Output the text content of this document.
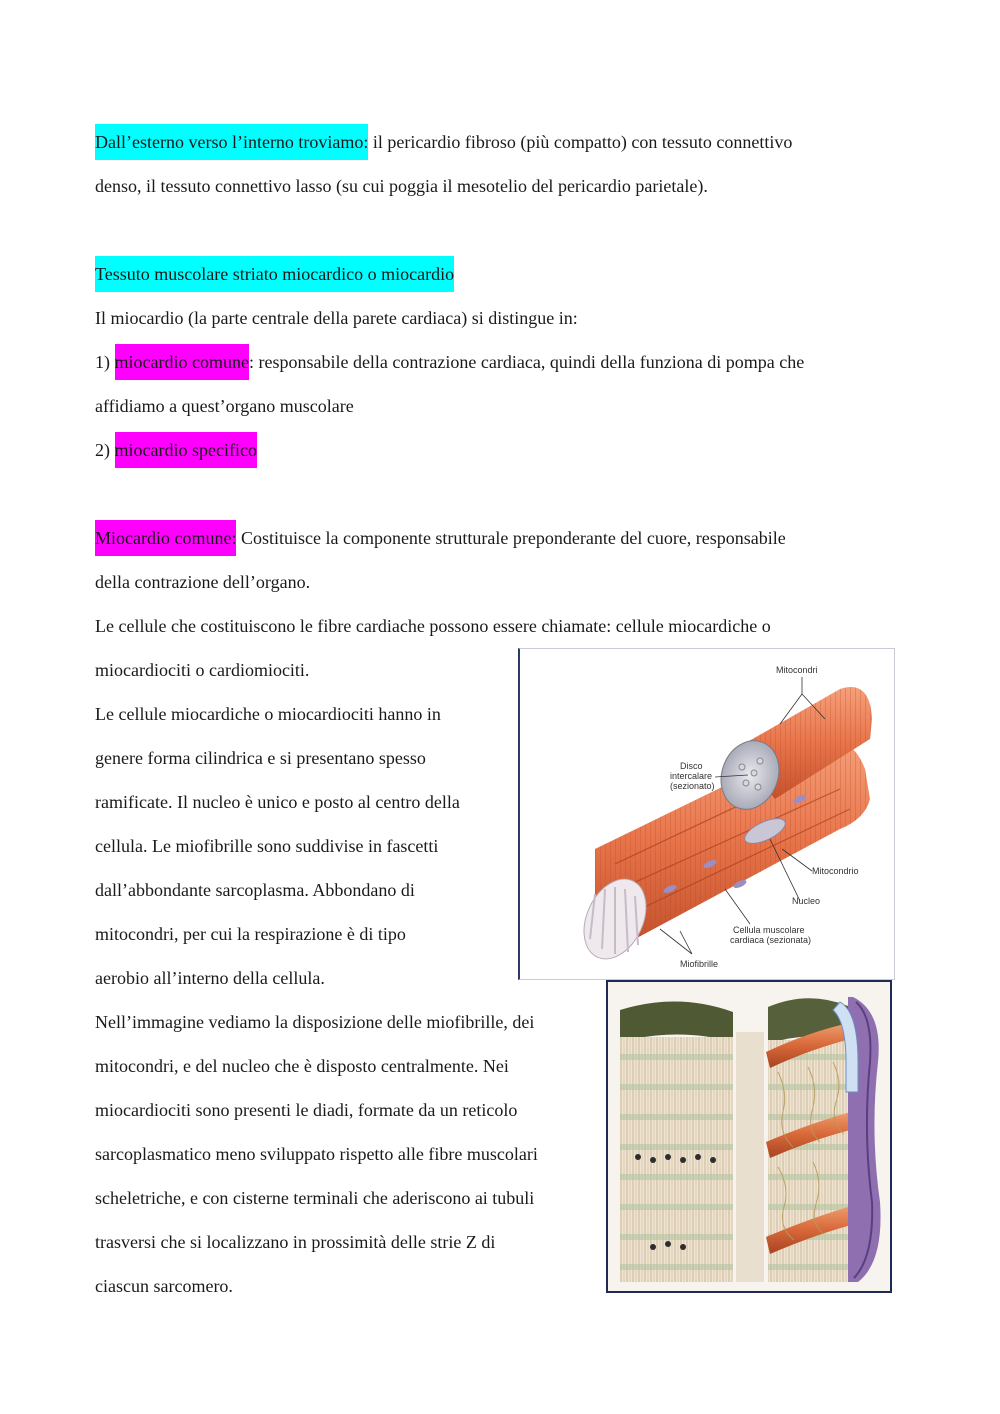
Dall’esterno verso l’interno troviamo: il pericardio fibroso (più compatto) con tessuto connettivo
denso, il tessuto connettivo lasso (su cui poggia il mesotelio del pericardio parietale).
Tessuto muscolare striato miocardico o miocardio
Il miocardio (la parte centrale della parete cardiaca) si distingue in:
1) miocardio comune: responsabile della contrazione cardiaca, quindi della funziona di pompa che
affidiamo a quest’organo muscolare
2) miocardio specifico
Miocardio comune: Costituisce la componente strutturale preponderante del cuore, responsabile
della contrazione dell’organo.
Le cellule che costituiscono le fibre cardiache possono essere chiamate: cellule miocardiche o
miocardiociti o cardiomiociti.
Le cellule miocardiche o miocardiociti hanno in
genere forma cilindrica e si presentano spesso
ramificate. Il nucleo è unico e posto al centro della
cellula. Le miofibrille sono suddivise in fascetti
dall’abbondante sarcoplasma. Abbondano di
mitocondri, per cui la respirazione è di tipo
aerobio all’interno della cellula.
Nell’immagine vediamo la disposizione delle miofibrille, dei
mitocondri, e del nucleo che è disposto centralmente. Nei
miocardiociti sono presenti le diadi, formate da un reticolo
sarcoplasmatico meno sviluppato rispetto alle fibre muscolari
scheletriche, e con cisterne terminali che aderiscono ai tubuli
trasversi che si localizzano in prossimità delle strie Z di
ciascun sarcomero.
Mitocondri
Disco
intercalare
(sezionato)
Mitocondrio
Nucleo
Cellula muscolare
cardiaca (sezionata)
Miofibrille
